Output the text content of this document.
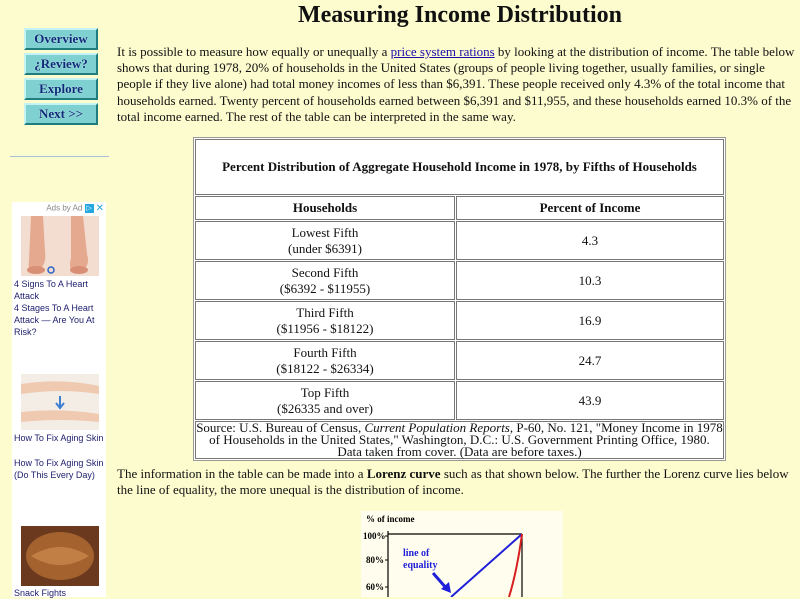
Measuring Income Distribution
Overview
¿Review?
Explore
Next >>
Ads by Ad ▷ ✕
4 Signs To A Heart Attack
4 Stages To A Heart Attack — Are You At Risk?
How To Fix Aging Skin
How To Fix Aging Skin (Do This Every Day)
Snack Fights

It is possible to measure how equally or unequally a price system rations by looking at the distribution of income. The table below shows that during 1978, 20% of households in the United States (groups of people living together, usually families, or single people if they live alone) had total money incomes of less than $6,391. These people received only 4.3% of the total income that households earned. Twenty percent of households earned between $6,391 and $11,955, and these households earned 10.3% of the total income earned. The rest of the table can be interpreted in the same way.

Percent Distribution of Aggregate Household Income in 1978, by Fifths of Households	
Households	Percent of Income
Lowest Fifth
(under $6391)	4.3
Second Fifth
($6392 - $11955)	10.3
Third Fifth
($11956 - $18122)	16.9
Fourth Fifth
($18122 - $26334)	24.7
Top Fifth
($26335 and over)	43.9
Source: U.S. Bureau of Census, Current Population Reports, P-60, No. 121, "Money Income in 1978 of Households in the United States," Washington, D.C.: U.S. Government Printing Office, 1980. Data taken from cover. (Data are before taxes.)	

The information in the table can be made into a Lorenz curve such as that shown below. The further the Lorenz curve lies below the line of equality, the more unequal is the distribution of income.

% of income
100%
80%
60%
line of equality
